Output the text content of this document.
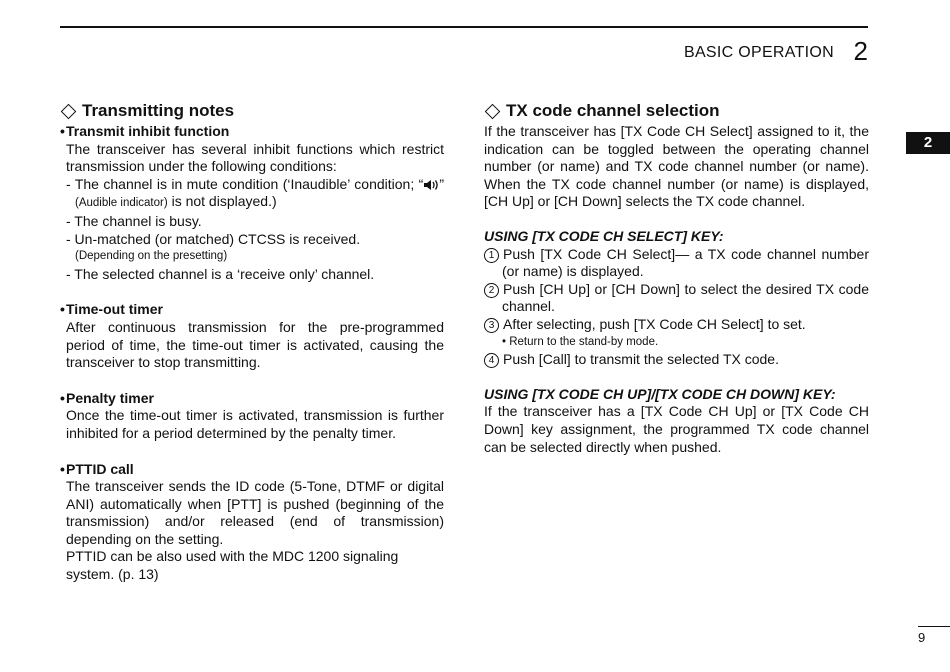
BASIC OPERATION 2
2
Transmitting notes
•Transmit inhibit function
The transceiver has several inhibit functions which restrict transmission under the following conditions:
- The channel is in mute condition (‘Inaudible’ condition; “ ” (Audible indicator) is not displayed.)
- The channel is busy.
- Un-matched (or matched) CTCSS is received.
(Depending on the presetting)
- The selected channel is a ‘receive only’ channel.
•Time-out timer
After continuous transmission for the pre-programmed period of time, the time-out timer is activated, causing the transceiver to stop transmitting.
•Penalty timer
Once the time-out timer is activated, transmission is further inhibited for a period determined by the penalty timer.
•PTTID call
The transceiver sends the ID code (5-Tone, DTMF or digital ANI) automatically when [PTT] is pushed (beginning of the transmission) and/or released (end of transmission) depending on the setting.
PTTID can be also used with the MDC 1200 signaling system. (p. 13)
TX code channel selection
If the transceiver has [TX Code CH Select] assigned to it, the indication can be toggled between the operating channel number (or name) and TX code channel number (or name). When the TX code channel number (or name) is displayed, [CH Up] or [CH Down] selects the TX code channel.
USING [TX CODE CH SELECT] KEY:
1 Push [TX Code CH Select]— a TX code channel number (or name) is displayed.
2 Push [CH Up] or [CH Down] to select the desired TX code channel.
3 After selecting, push [TX Code CH Select] to set.
• Return to the stand-by mode.
4 Push [Call] to transmit the selected TX code.
USING [TX CODE CH UP]/[TX CODE CH DOWN] KEY:
If the transceiver has a [TX Code CH Up] or [TX Code CH Down] key assignment, the programmed TX code channel can be selected directly when pushed.
9
